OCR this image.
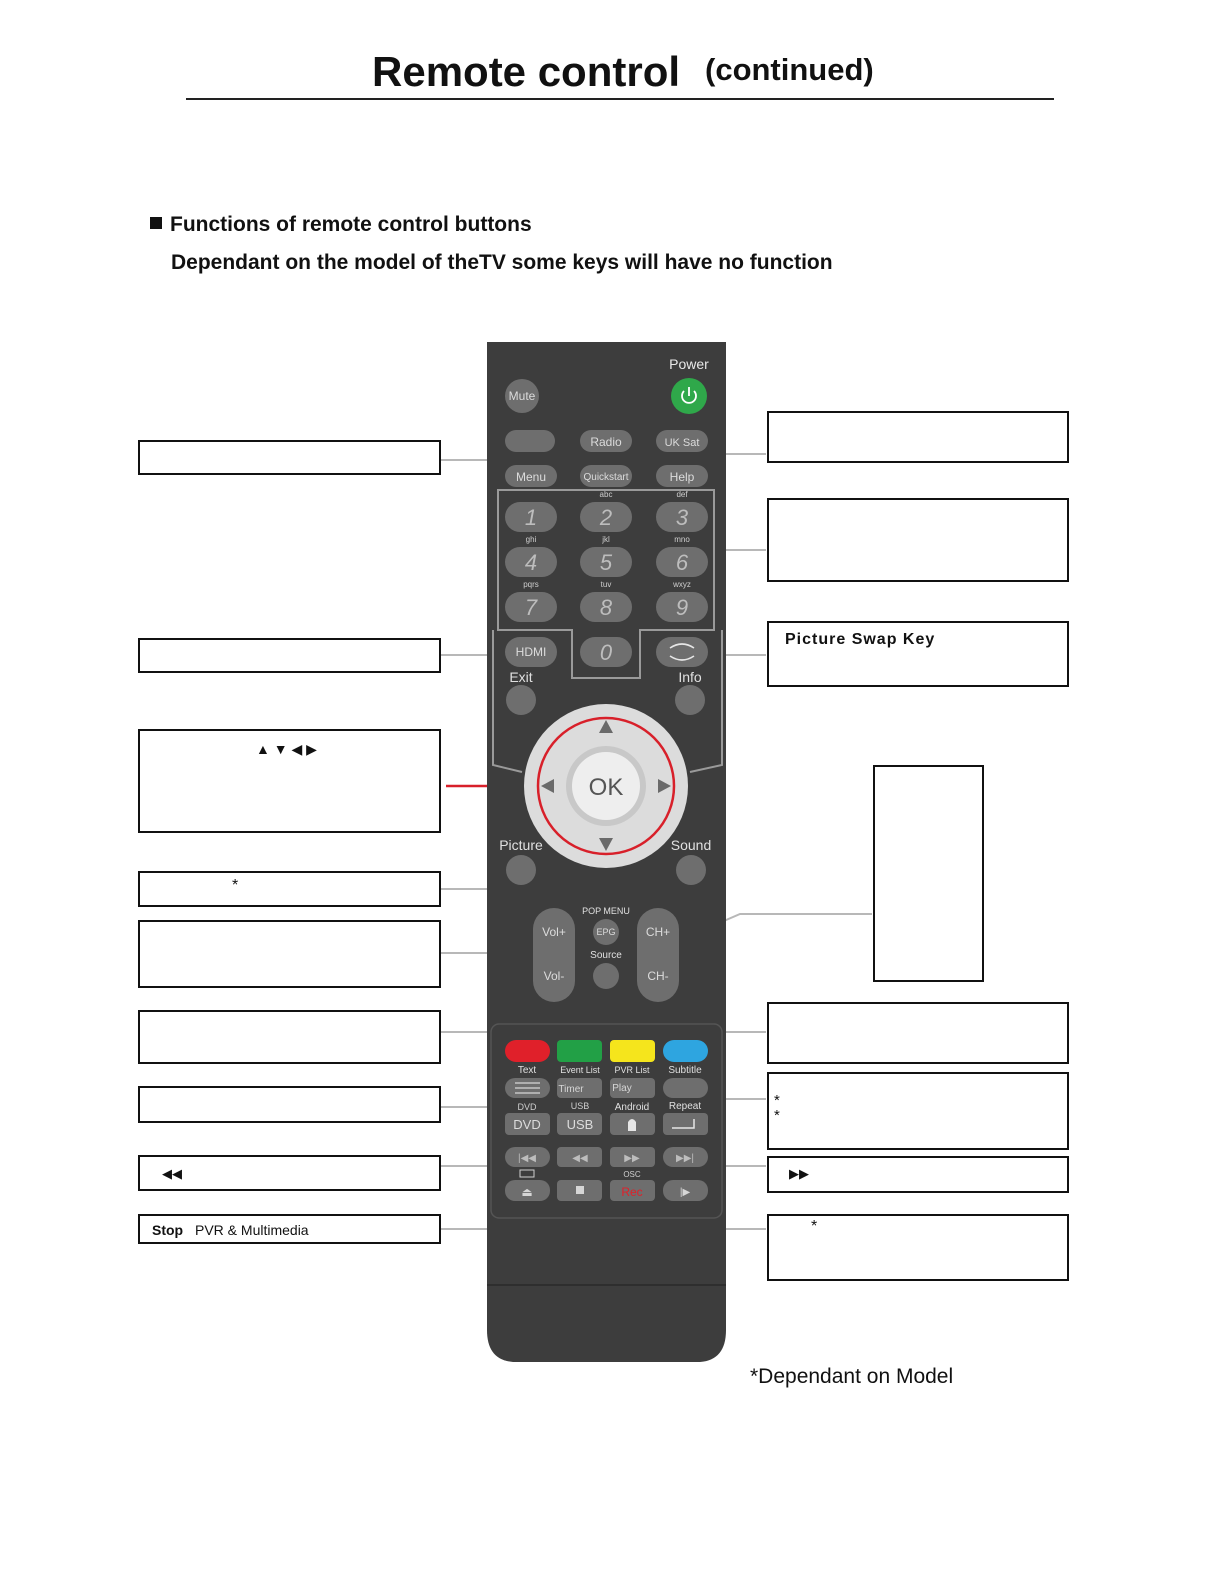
Remote control (continued)
Functions of remote control buttons
Dependant on the model of theTV some keys will have no function
Power
Mute
Radio	UK Sat
Menu	Quickstart	Help
1	2	3
4	5	6
7	8	9
0
abc	def
ghi	jkl	mno
pqrs	tuv	wxyz
HDMI
Exit	Info
OK
Picture	Sound
Vol+
Vol-
CH+
CH-
POP MENU
EPG
Source
Text	Event List PVR List Subtitle
Timer	Play
DVD	USB	Android Repeat
DVD USB
|◀◀	◀◀	▶▶	▶▶|
OSC
⏏	Rec	|▶
▲ ▼ ◀ ▶
*
◀◀
Stop PVR & Multimedia
Picture Swap Key
*
*
▶▶
*
*Dependant on Model
